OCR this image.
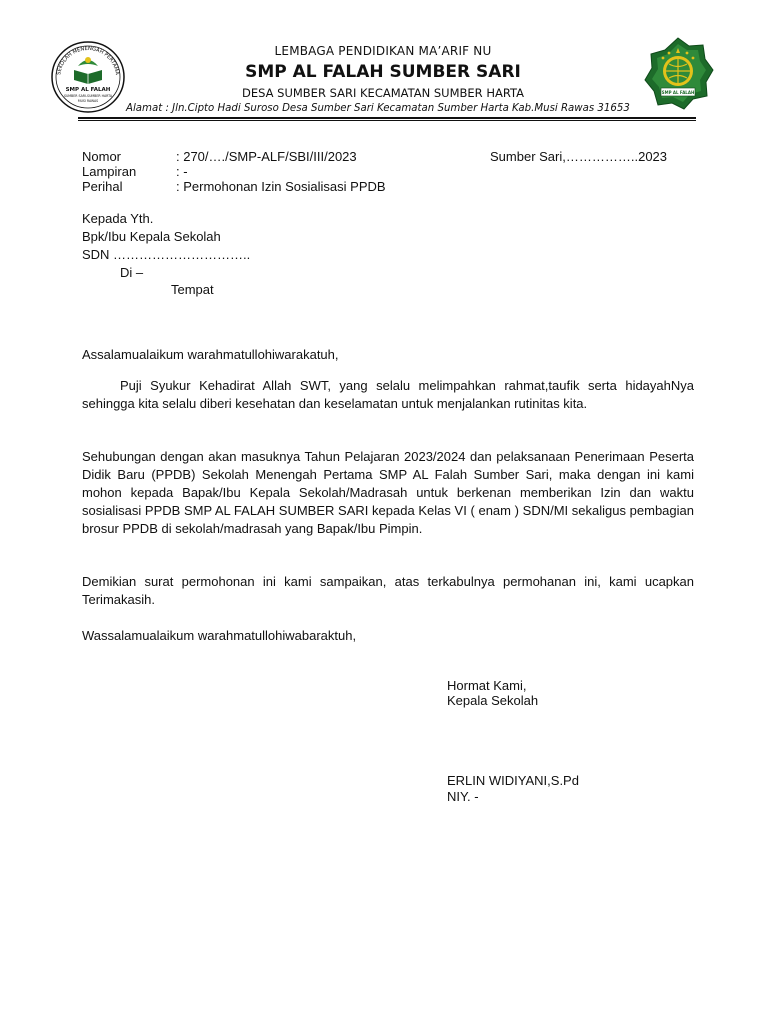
SEKOLAH MENENGAH PERTAMA
SMP AL FALAH
SUMBER SARI-SUMBER HARTA
MUSI RAWAS
LEMBAGA PENDIDIKAN MA’ARIF NU
SMP AL FALAH SUMBER SARI
DESA SUMBER SARI KECAMATAN SUMBER HARTA
Alamat : Jln.Cipto Hadi Suroso Desa Sumber Sari Kecamatan Sumber Harta Kab.Musi Rawas 31653
SMP AL FALAH
Nomor	: 270/…./SMP-ALF/SBI/III/2023	Sumber Sari,……………..2023
Lampiran	: -
Perihal	: Permohonan Izin Sosialisasi PPDB
Kepada Yth.
Bpk/Ibu Kepala Sekolah
SDN …………………………..
Di –
Tempat
Assalamualaikum warahmatullohiwarakatuh,
Puji Syukur Kehadirat Allah SWT, yang selalu melimpahkan rahmat,taufik serta hidayahNya sehingga kita selalu diberi kesehatan dan keselamatan untuk menjalankan rutinitas kita.
Sehubungan dengan akan masuknya Tahun Pelajaran 2023/2024 dan pelaksanaan Penerimaan Peserta Didik Baru (PPDB) Sekolah Menengah Pertama SMP AL Falah Sumber Sari, maka dengan ini kami mohon kepada Bapak/Ibu Kepala Sekolah/Madrasah untuk berkenan memberikan Izin dan waktu sosialisasi PPDB SMP AL FALAH SUMBER SARI kepada Kelas VI ( enam ) SDN/MI sekaligus pembagian brosur PPDB di sekolah/madrasah yang Bapak/Ibu Pimpin.
Demikian surat permohonan ini kami sampaikan, atas terkabulnya permohanan ini, kami ucapkan Terimakasih.
Wassalamualaikum warahmatullohiwabaraktuh,
Hormat Kami,
Kepala Sekolah
ERLIN WIDIYANI,S.Pd
NIY. -
